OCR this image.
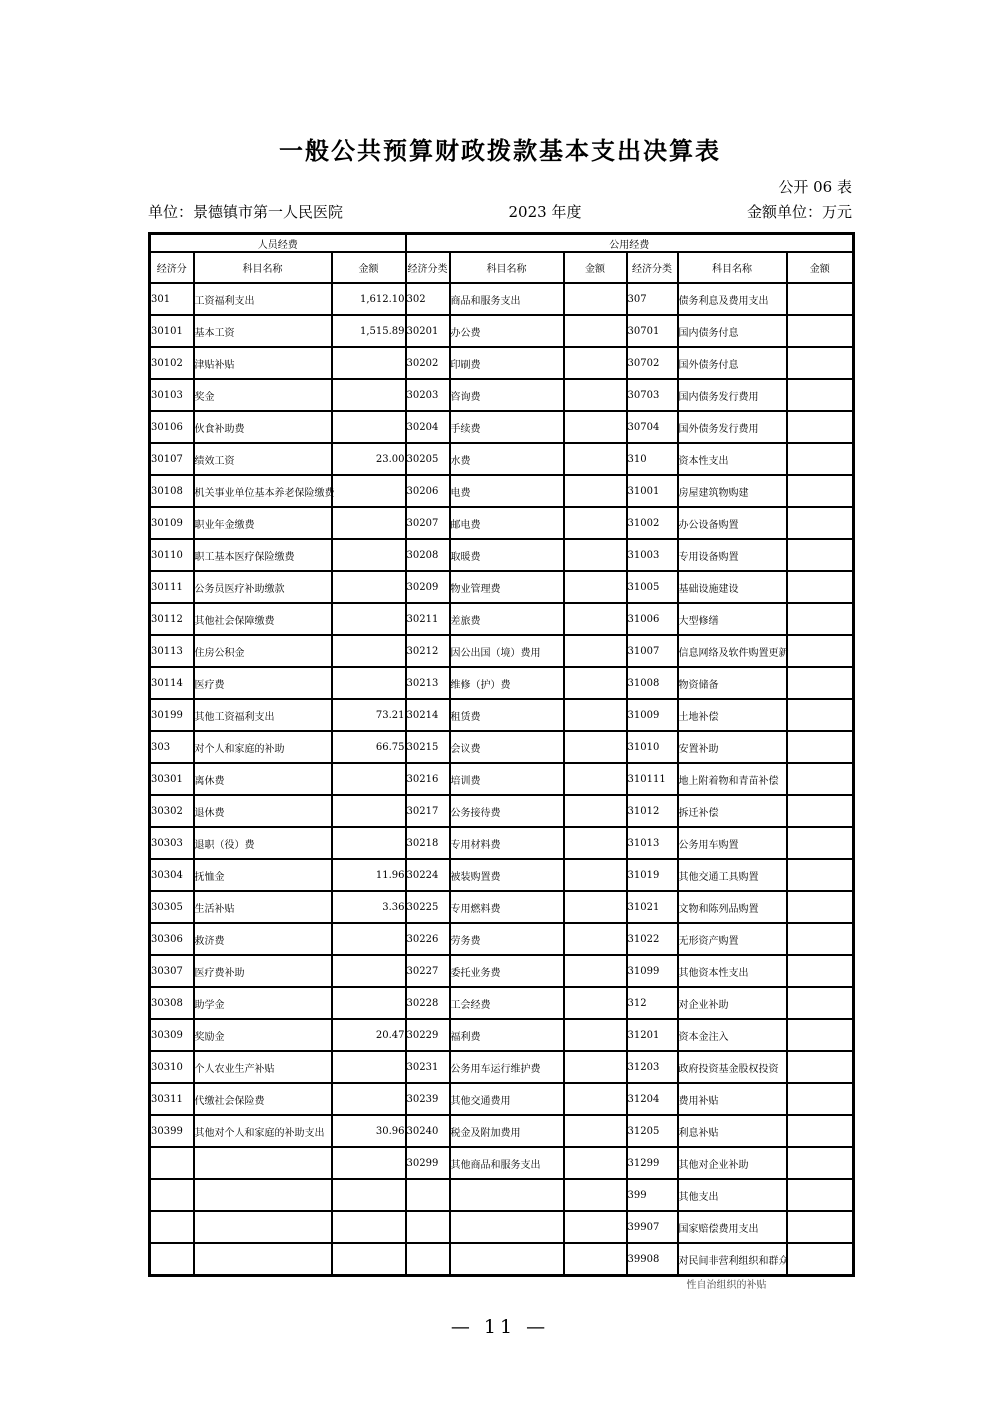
一般公共预算财政拨款基本支出决算表
公开 06 表
单位：景德镇市第一人民医院	2023 年度	金额单位：万元
人员经费			公用经费					
经济分	科目名称	金额	经济分类	科目名称	金额	经济分类	科目名称	金额
301	工资福利支出	1,612.10	302	商品和服务支出		307	债务利息及费用支出	
30101	基本工资	1,515.89	30201	办公费		30701	国内债务付息	
30102	津贴补贴		30202	印刷费		30702	国外债务付息	
30103	奖金		30203	咨询费		30703	国内债务发行费用	
30106	伙食补助费		30204	手续费		30704	国外债务发行费用	
30107	绩效工资	23.00	30205	水费		310	资本性支出	
30108	机关事业单位基本养老保险缴费		30206	电费		31001	房屋建筑物购建	
30109	职业年金缴费		30207	邮电费		31002	办公设备购置	
30110	职工基本医疗保险缴费		30208	取暖费		31003	专用设备购置	
30111	公务员医疗补助缴款		30209	物业管理费		31005	基础设施建设	
30112	其他社会保障缴费		30211	差旅费		31006	大型修缮	
30113	住房公积金		30212	因公出国（境）费用		31007	信息网络及软件购置更新	
30114	医疗费		30213	维修（护）费		31008	物资储备	
30199	其他工资福利支出	73.21	30214	租赁费		31009	土地补偿	
303	对个人和家庭的补助	66.75	30215	会议费		31010	安置补助	
30301	离休费		30216	培训费		310111	地上附着物和青苗补偿	
30302	退休费		30217	公务接待费		31012	拆迁补偿	
30303	退职（役）费		30218	专用材料费		31013	公务用车购置	
30304	抚恤金	11.96	30224	被装购置费		31019	其他交通工具购置	
30305	生活补贴	3.36	30225	专用燃料费		31021	文物和陈列品购置	
30306	救济费		30226	劳务费		31022	无形资产购置	
30307	医疗费补助		30227	委托业务费		31099	其他资本性支出	
30308	助学金		30228	工会经费		312	对企业补助	
30309	奖励金	20.47	30229	福利费		31201	资本金注入	
30310	个人农业生产补贴		30231	公务用车运行维护费		31203	政府投资基金股权投资	
30311	代缴社会保险费		30239	其他交通费用		31204	费用补贴	
30399	其他对个人和家庭的补助支出	30.96	30240	税金及附加费用		31205	利息补贴	
			30299	其他商品和服务支出		31299	其他对企业补助	
						399	其他支出	
						39907	国家赔偿费用支出	
						39908	对民间非营利组织和群众
性自治组织的补贴	

— 11 —
